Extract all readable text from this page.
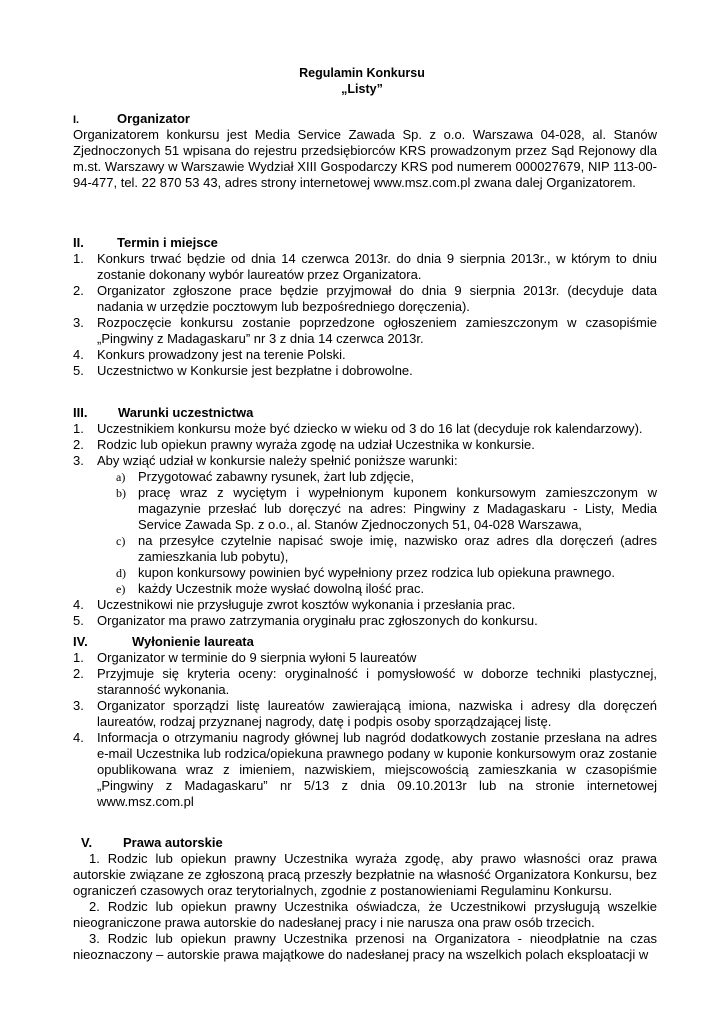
Regulamin Konkursu
„Listy”
I.	Organizator
Organizatorem konkursu jest Media Service Zawada Sp. z o.o. Warszawa 04-028, al. Stanów Zjednoczonych 51 wpisana do rejestru przedsiębiorców KRS prowadzonym przez Sąd Rejonowy dla m.st. Warszawy w Warszawie Wydział XIII Gospodarczy KRS pod numerem 000027679, NIP 113-00-94-477, tel. 22 870 53 43, adres strony internetowej www.msz.com.pl zwana dalej Organizatorem.
II.	Termin i miejsce
1. Konkurs trwać będzie od dnia 14 czerwca 2013r. do dnia 9 sierpnia 2013r., w którym to dniu zostanie dokonany wybór laureatów przez Organizatora.
2. Organizator zgłoszone prace będzie przyjmował do dnia 9 sierpnia 2013r. (decyduje data nadania w urzędzie pocztowym lub bezpośredniego doręczenia).
3. Rozpoczęcie konkursu zostanie poprzedzone ogłoszeniem zamieszczonym w czasopiśmie „Pingwiny z Madagaskaru” nr 3 z dnia 14 czerwca 2013r.
4. Konkurs prowadzony jest na terenie Polski.
5. Uczestnictwo w Konkursie jest bezpłatne i dobrowolne.
III. Warunki uczestnictwa
1. Uczestnikiem konkursu może być dziecko w wieku od 3 do 16 lat (decyduje rok kalendarzowy).
2. Rodzic lub opiekun prawny wyraża zgodę na udział Uczestnika w konkursie.
3. Aby wziąć udział w konkursie należy spełnić poniższe warunki:
a) Przygotować zabawny rysunek, żart lub zdjęcie,
b) pracę wraz z wyciętym i wypełnionym kuponem konkursowym zamieszczonym w magazynie przesłać lub doręczyć na adres: Pingwiny z Madagaskaru - Listy, Media Service Zawada Sp. z o.o., al. Stanów Zjednoczonych 51, 04-028 Warszawa,
c) na przesyłce czytelnie napisać swoje imię, nazwisko oraz adres dla doręczeń (adres zamieszkania lub pobytu),
d) kupon konkursowy powinien być wypełniony przez rodzica lub opiekuna prawnego.
e) każdy Uczestnik może wysłać dowolną ilość prac.
4. Uczestnikowi nie przysługuje zwrot kosztów wykonania i przesłania prac.
5. Organizator ma prawo zatrzymania oryginału prac zgłoszonych do konkursu.
IV.	Wyłonienie laureata
1. Organizator w terminie do 9 sierpnia wyłoni 5 laureatów
2. Przyjmuje się kryteria oceny: oryginalność i pomysłowość w doborze techniki plastycznej, staranność wykonania.
3. Organizator sporządzi listę laureatów zawierającą imiona, nazwiska i adresy dla doręczeń laureatów, rodzaj przyznanej nagrody, datę i podpis osoby sporządzającej listę.
4. Informacja o otrzymaniu nagrody głównej lub nagród dodatkowych zostanie przesłana na adres e-mail Uczestnika lub rodzica/opiekuna prawnego podany w kuponie konkursowym oraz zostanie opublikowana wraz z imieniem, nazwiskiem, miejscowością zamieszkania w czasopiśmie „Pingwiny z Madagaskaru” nr 5/13 z dnia 09.10.2013r lub na stronie internetowej www.msz.com.pl
V. Prawa autorskie
1. Rodzic lub opiekun prawny Uczestnika wyraża zgodę, aby prawo własności oraz prawa autorskie związane ze zgłoszoną pracą przeszły bezpłatnie na własność Organizatora Konkursu, bez ograniczeń czasowych oraz terytorialnych, zgodnie z postanowieniami Regulaminu Konkursu.
2. Rodzic lub opiekun prawny Uczestnika oświadcza, że Uczestnikowi przysługują wszelkie nieograniczone prawa autorskie do nadesłanej pracy i nie narusza ona praw osób trzecich.
3. Rodzic lub opiekun prawny Uczestnika przenosi na Organizatora - nieodpłatnie na czas nieoznaczony – autorskie prawa majątkowe do nadesłanej pracy na wszelkich polach eksploatacji w
